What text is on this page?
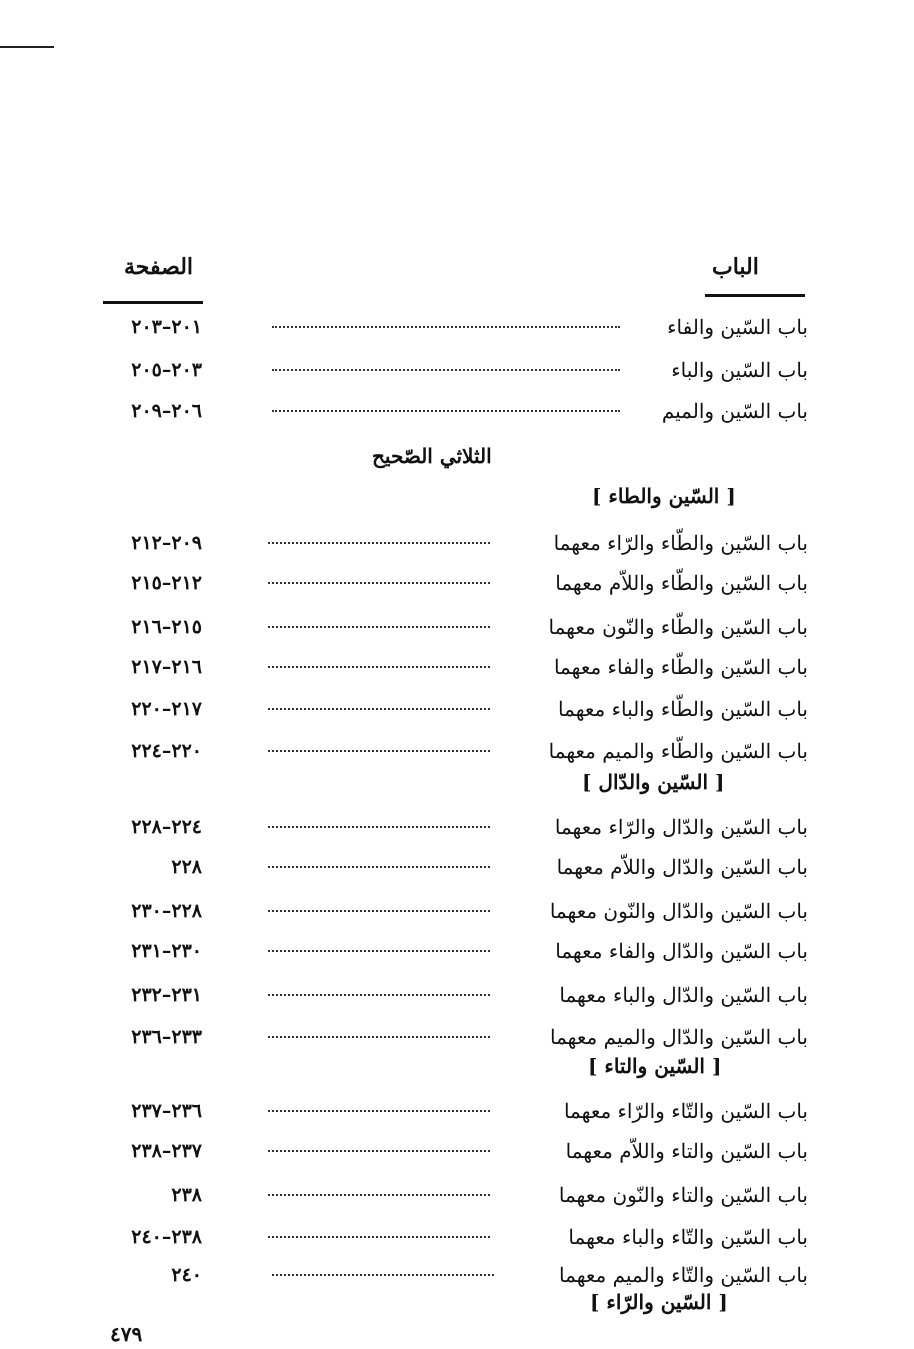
الباب
الصفحة
باب السّين والفاء
٢٠١–٢٠٣
باب السّين والباء
٢٠٣–٢٠٥
باب السّين والميم
٢٠٦–٢٠٩
الثلاثي الصّحيح
[ السّين والطاء ]
باب السّين والطّاء والرّاء معهما
٢٠٩–٢١٢
باب السّين والطّاء واللاّم معهما
٢١٢–٢١٥
باب السّين والطّاء والنّون معهما
٢١٥–٢١٦
باب السّين والطّاء والفاء معهما
٢١٦–٢١٧
باب السّين والطّاء والباء معهما
٢١٧–٢٢٠
باب السّين والطّاء والميم معهما
٢٢٠–٢٢٤
[ السّين والدّال ]
باب السّين والدّال والرّاء معهما
٢٢٤–٢٢٨
باب السّين والدّال واللاّم معهما
٢٢٨
باب السّين والدّال والنّون معهما
٢٢٨–٢٣٠
باب السّين والدّال والفاء معهما
٢٣٠–٢٣١
باب السّين والدّال والباء معهما
٢٣١–٢٣٢
باب السّين والدّال والميم معهما
٢٣٣–٢٣٦
[ السّين والتاء ]
باب السّين والتّاء والرّاء معهما
٢٣٦–٢٣٧
باب السّين والتاء واللاّم معهما
٢٣٧–٢٣٨
باب السّين والتاء والنّون معهما
٢٣٨
باب السّين والتّاء والباء معهما
٢٣٨–٢٤٠
باب السّين والتّاء والميم معهما
٢٤٠
[ السّين والرّاء ]
٤٧٩
